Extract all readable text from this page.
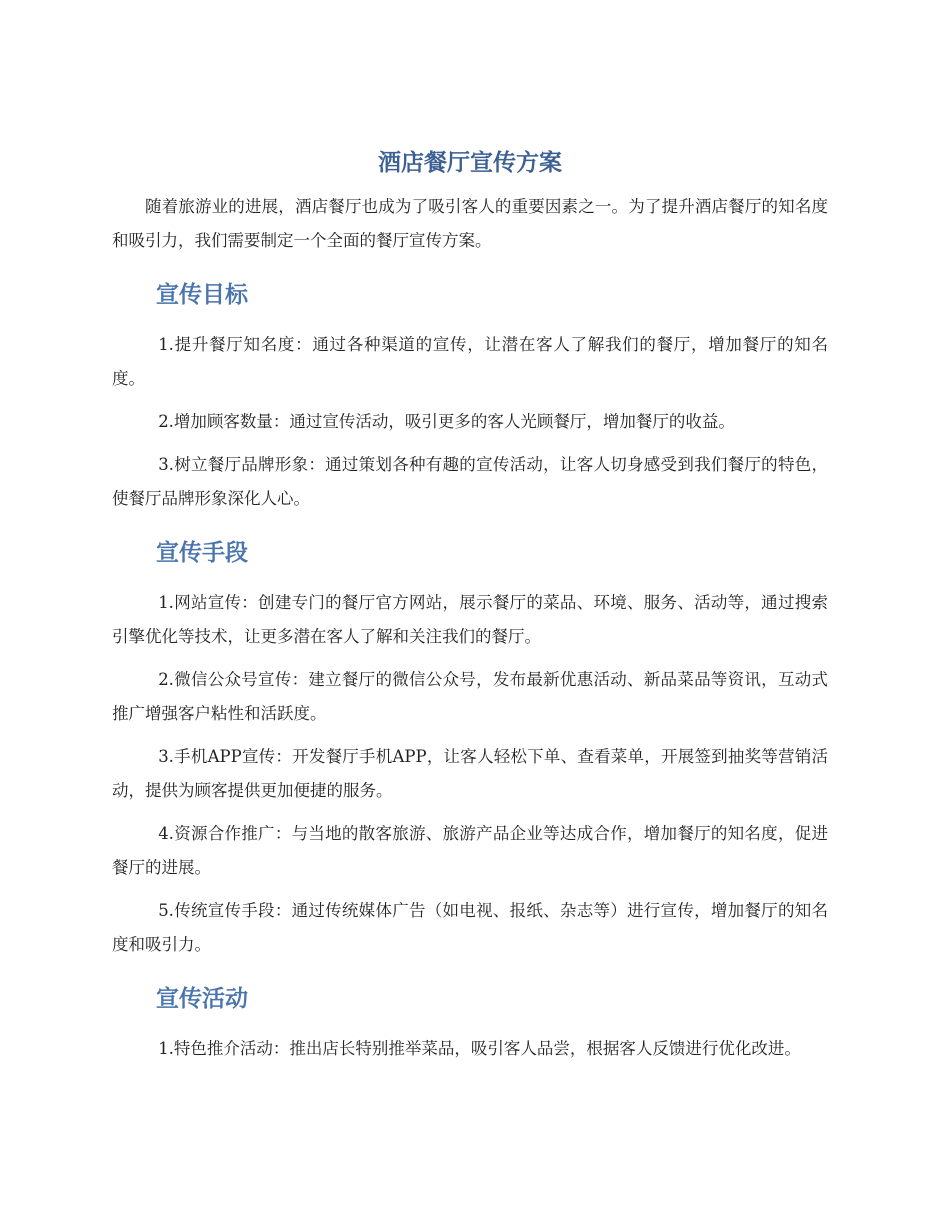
酒店餐厅宣传方案

随着旅游业的进展，酒店餐厅也成为了吸引客人的重要因素之一。为了提升酒店餐厅的知名度和吸引力，我们需要制定一个全面的餐厅宣传方案。

宣传目标

1.提升餐厅知名度：通过各种渠道的宣传，让潜在客人了解我们的餐厅，增加餐厅的知名度。

2.增加顾客数量：通过宣传活动，吸引更多的客人光顾餐厅，增加餐厅的收益。

3.树立餐厅品牌形象：通过策划各种有趣的宣传活动，让客人切身感受到我们餐厅的特色，使餐厅品牌形象深化人心。

宣传手段

1.网站宣传：创建专门的餐厅官方网站，展示餐厅的菜品、环境、服务、活动等，通过搜索引擎优化等技术，让更多潜在客人了解和关注我们的餐厅。

2.微信公众号宣传：建立餐厅的微信公众号，发布最新优惠活动、新品菜品等资讯，互动式推广增强客户粘性和活跃度。

3.手机APP宣传：开发餐厅手机APP，让客人轻松下单、查看菜单，开展签到抽奖等营销活动，提供为顾客提供更加便捷的服务。

4.资源合作推广：与当地的散客旅游、旅游产品企业等达成合作，增加餐厅的知名度，促进餐厅的进展。

5.传统宣传手段：通过传统媒体广告（如电视、报纸、杂志等）进行宣传，增加餐厅的知名度和吸引力。

宣传活动

1.特色推介活动：推出店长特别推举菜品，吸引客人品尝，根据客人反馈进行优化改进。
